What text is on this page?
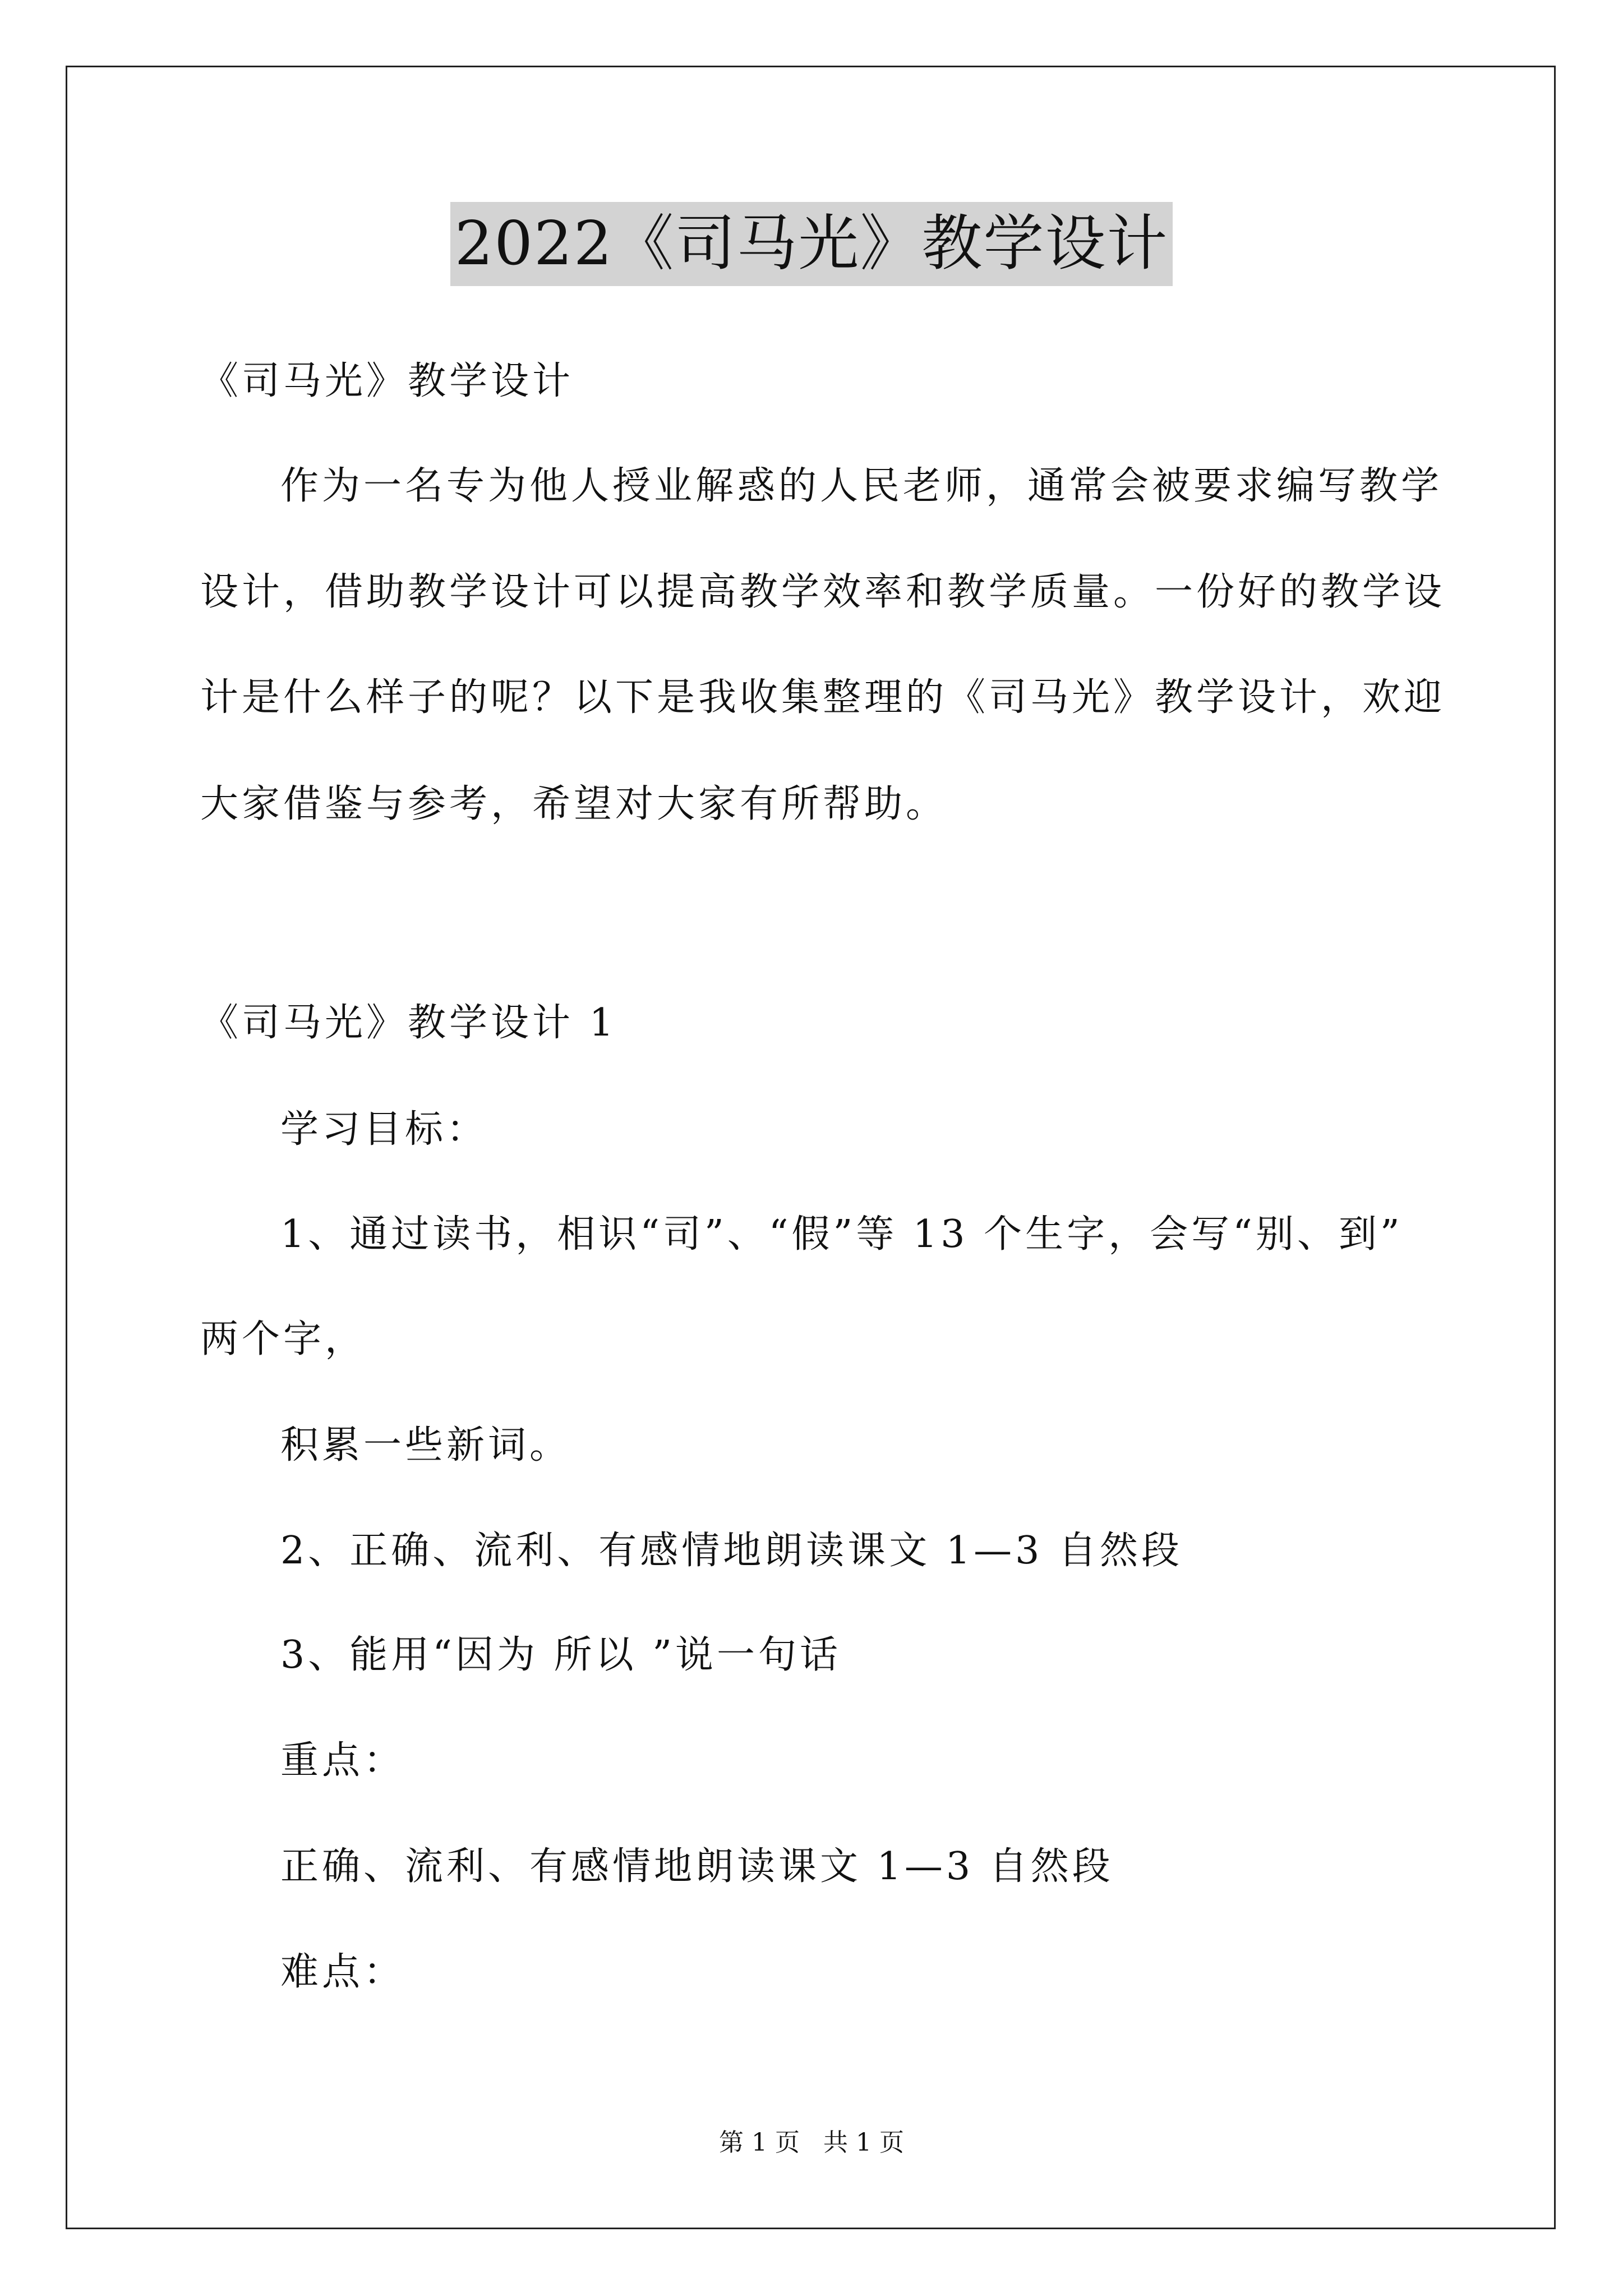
2022《司马光》教学设计
《司马光》教学设计
作为一名专为他人授业解惑的人民老师，通常会被要求编写教学
设计，借助教学设计可以提高教学效率和教学质量。一份好的教学设
计是什么样子的呢？以下是我收集整理的《司马光》教学设计，欢迎
大家借鉴与参考，希望对大家有所帮助。
《司马光》教学设计 1
学习目标：
1、通过读书，相识“司”、“假”等 13 个生字，会写“别、到”
两个字，
积累一些新词。
2、正确、流利、有感情地朗读课文 1—3 自然段
3、能用“因为 所以 ”说一句话
重点：
正确、流利、有感情地朗读课文 1—3 自然段
难点：
第 1 页   共 1 页
